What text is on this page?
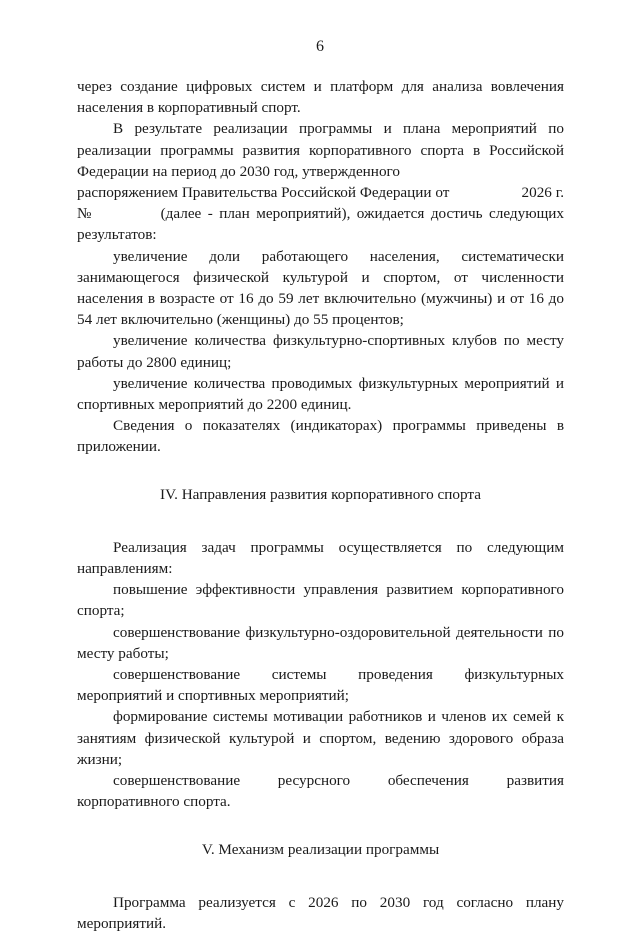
6

через создание цифровых систем и платформ для анализа вовлечения населения в корпоративный спорт.

В результате реализации программы и плана мероприятий по реализации программы развития корпоративного спорта в Российской Федерации на период до 2030 год, утвержденного

распоряжением Правительства Российской Федерации от	2026 г.

№	(далее - план мероприятий), ожидается достичь следующих результатов:

увеличение доли работающего населения, систематически занимающегося физической культурой и спортом, от численности населения в возрасте от 16 до 59 лет включительно (мужчины) и от 16 до 54 лет включительно (женщины) до 55 процентов;

увеличение количества физкультурно-спортивных клубов по месту работы до 2800 единиц;

увеличение количества проводимых физкультурных мероприятий и спортивных мероприятий до 2200 единиц.

Сведения о показателях (индикаторах) программы приведены в приложении.

IV. Направления развития корпоративного спорта

Реализация задач программы осуществляется по следующим направлениям:

повышение эффективности управления развитием корпоративного спорта;

совершенствование физкультурно-оздоровительной деятельности по месту работы;

совершенствование системы проведения физкультурных мероприятий и спортивных мероприятий;

формирование системы мотивации работников и членов их семей к занятиям физической культурой и спортом, ведению здорового образа жизни;

совершенствование ресурсного обеспечения развития корпоративного спорта.

V. Механизм реализации программы

Программа реализуется с 2026 по 2030 год согласно плану мероприятий.
